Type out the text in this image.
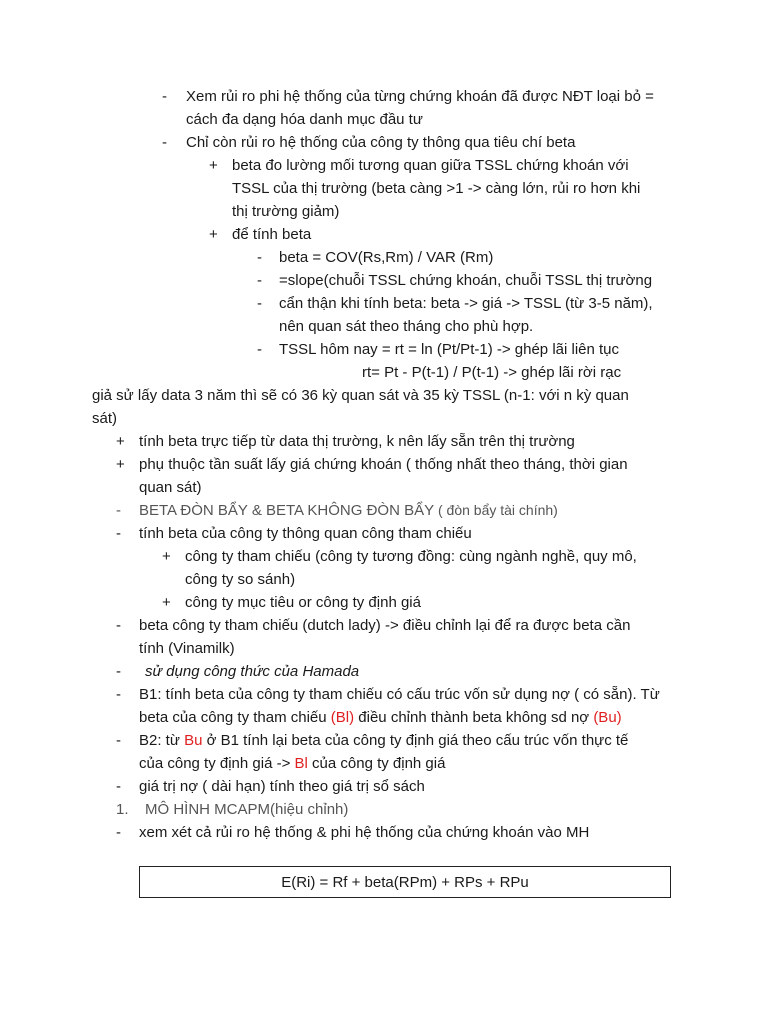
- Xem rủi ro phi hệ thống của từng chứng khoán đã được NĐT loại bỏ =
cách đa dạng hóa danh mục đầu tư
- Chỉ còn rủi ro hệ thống của công ty thông qua tiêu chí beta
+ beta đo lường mối tương quan giữa TSSL chứng khoán với
TSSL của thị trường (beta càng >1 -> càng lớn, rủi ro hơn khi
thị trường giảm)
+ để tính beta
- beta = COV(Rs,Rm) / VAR (Rm)
- =slope(chuỗi TSSL chứng khoán, chuỗi TSSL thị trường
- cẩn thận khi tính beta: beta -> giá -> TSSL (từ 3-5 năm),
nên quan sát theo tháng cho phù hợp.
- TSSL hôm nay = rt = ln (Pt/Pt-1) -> ghép lãi liên tục
rt= Pt - P(t-1) / P(t-1) -> ghép lãi rời rạc
giả sử lấy data 3 năm thì sẽ có 36 kỳ quan sát và 35 kỳ TSSL (n-1: với n kỳ quan
sát)
+ tính beta trực tiếp từ data thị trường, k nên lấy sẵn trên thị trường
+ phụ thuộc tần suất lấy giá chứng khoán ( thống nhất theo tháng, thời gian
quan sát)
- BETA ĐÒN BẨY & BETA KHÔNG ĐÒN BẨY ( đòn bẩy tài chính)
- tính beta của công ty thông quan công tham chiếu
+ công ty tham chiếu (công ty tương đồng: cùng ngành nghề, quy mô,
công ty so sánh)
+ công ty mục tiêu or công ty định giá
- beta công ty tham chiếu (dutch lady) -> điều chỉnh lại để ra được beta cần
tính (Vinamilk)
- sử dụng công thức của Hamada
- B1: tính beta của công ty tham chiếu có cấu trúc vốn sử dụng nợ ( có sẵn). Từ
beta của công ty tham chiếu (Bl) điều chỉnh thành beta không sd nợ (Bu)
- B2: từ Bu ở B1 tính lại beta của công ty định giá theo cấu trúc vốn thực tế
của công ty định giá -> Bl của công ty định giá
- giá trị nợ ( dài hạn) tính theo giá trị sổ sách
1. MÔ HÌNH MCAPM(hiệu chỉnh)
- xem xét cả rủi ro hệ thống & phi hệ thống của chứng khoán vào MH
E(Ri) = Rf + beta(RPm) + RPs + RPu
